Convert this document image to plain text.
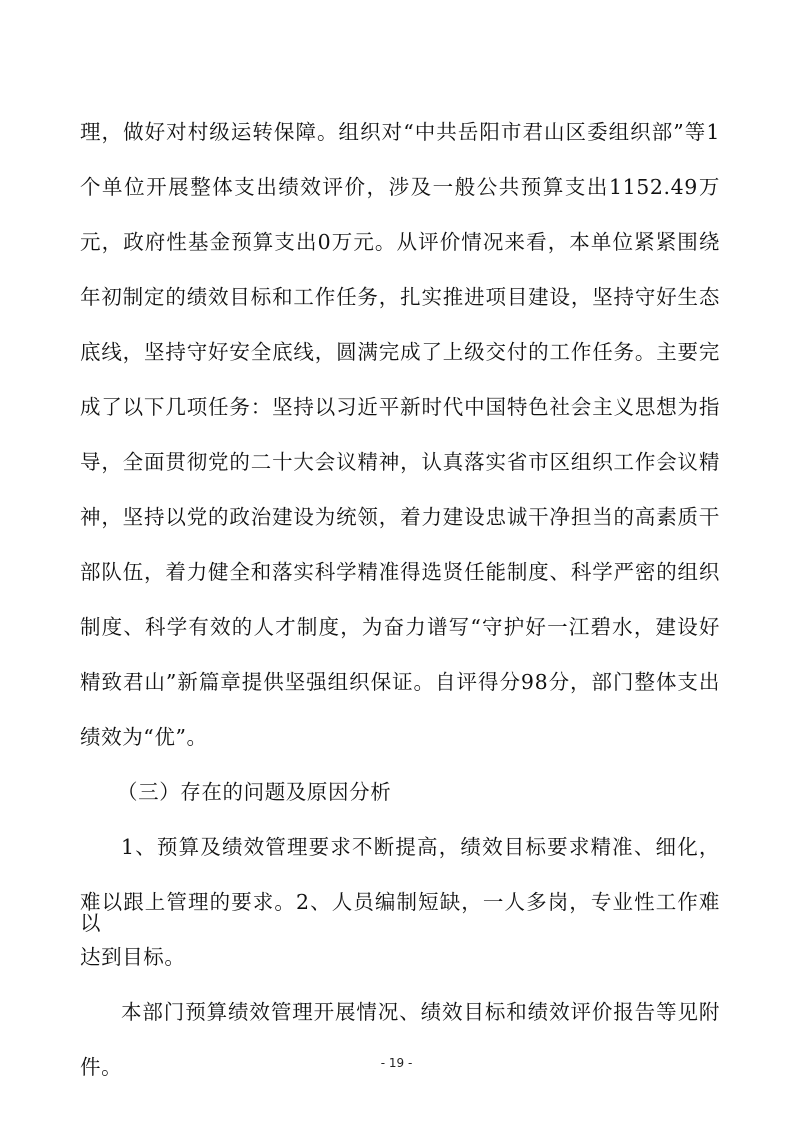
理，做好对村级运转保障。组织对“中共岳阳市君山区委组织部”等1
个单位开展整体支出绩效评价，涉及一般公共预算支出1152.49万
元，政府性基金预算支出0万元。从评价情况来看，本单位紧紧围绕
年初制定的绩效目标和工作任务，扎实推进项目建设，坚持守好生态
底线，坚持守好安全底线，圆满完成了上级交付的工作任务。主要完
成了以下几项任务：坚持以习近平新时代中国特色社会主义思想为指
导，全面贯彻党的二十大会议精神，认真落实省市区组织工作会议精
神，坚持以党的政治建设为统领，着力建设忠诚干净担当的高素质干
部队伍，着力健全和落实科学精准得选贤任能制度、科学严密的组织
制度、科学有效的人才制度，为奋力谱写“守护好一江碧水，建设好
精致君山”新篇章提供坚强组织保证。自评得分98分，部门整体支出
绩效为“优”。
（三）存在的问题及原因分析
1、预算及绩效管理要求不断提高，绩效目标要求精准、细化，
难以跟上管理的要求。2、人员编制短缺，一人多岗，专业性工作难以
达到目标。
本部门预算绩效管理开展情况、绩效目标和绩效评价报告等见附
件。	- 19 -
